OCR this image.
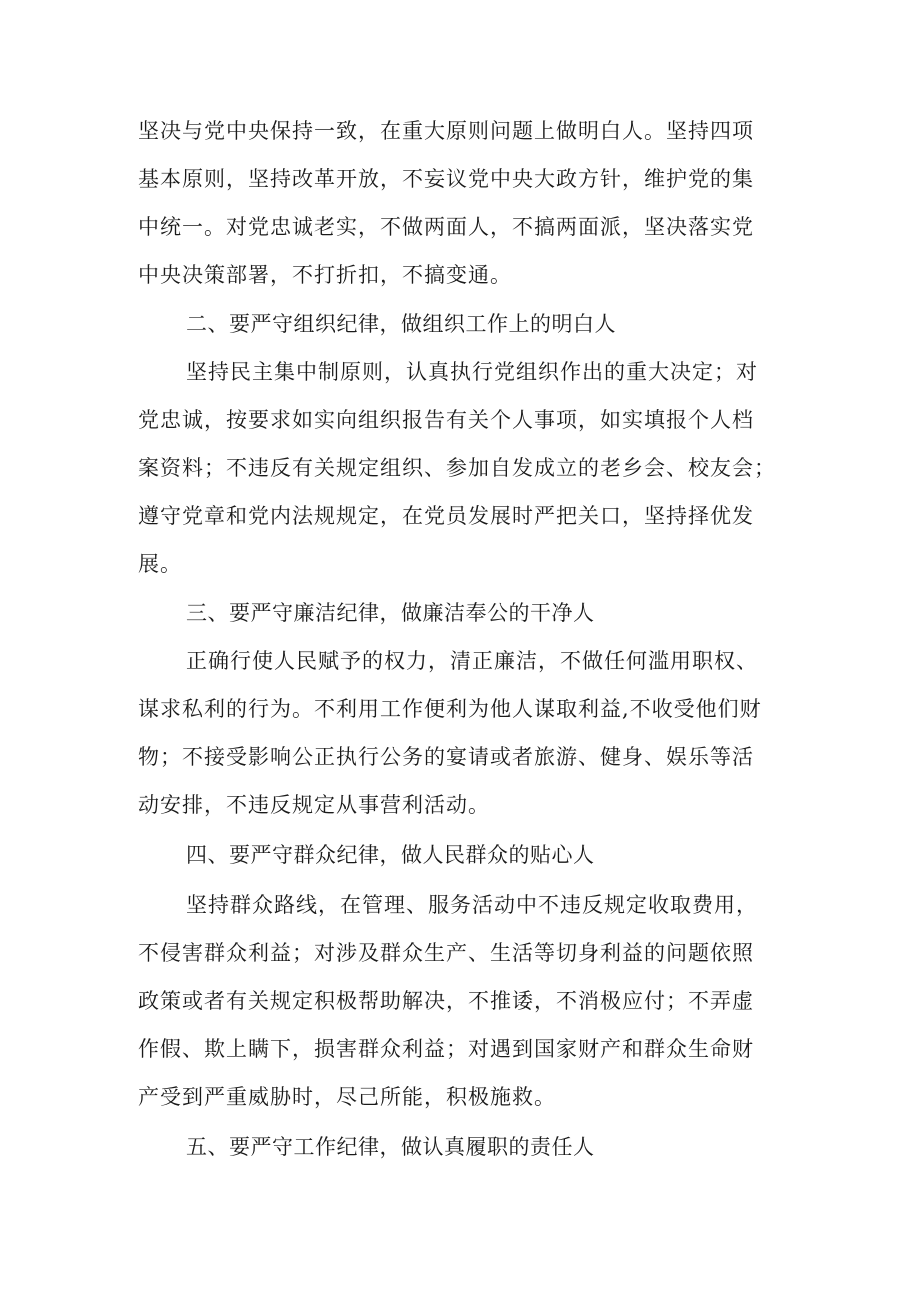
坚决与党中央保持一致，在重大原则问题上做明白人。坚持四项
基本原则，坚持改革开放，不妄议党中央大政方针，维护党的集
中统一。对党忠诚老实，不做两面人，不搞两面派，坚决落实党
中央决策部署，不打折扣，不搞变通。
二、要严守组织纪律，做组织工作上的明白人
坚持民主集中制原则，认真执行党组织作出的重大决定；对
党忠诚，按要求如实向组织报告有关个人事项，如实填报个人档
案资料；不违反有关规定组织、参加自发成立的老乡会、校友会；
遵守党章和党内法规规定，在党员发展时严把关口，坚持择优发
展。
三、要严守廉洁纪律，做廉洁奉公的干净人
正确行使人民赋予的权力，清正廉洁，不做任何滥用职权、
谋求私利的行为。不利用工作便利为他人谋取利益,不收受他们财
物；不接受影响公正执行公务的宴请或者旅游、健身、娱乐等活
动安排，不违反规定从事营利活动。
四、要严守群众纪律，做人民群众的贴心人
坚持群众路线，在管理、服务活动中不违反规定收取费用，
不侵害群众利益；对涉及群众生产、生活等切身利益的问题依照
政策或者有关规定积极帮助解决，不推诿，不消极应付；不弄虚
作假、欺上瞒下，损害群众利益；对遇到国家财产和群众生命财
产受到严重威胁时，尽己所能，积极施救。
五、要严守工作纪律，做认真履职的责任人
